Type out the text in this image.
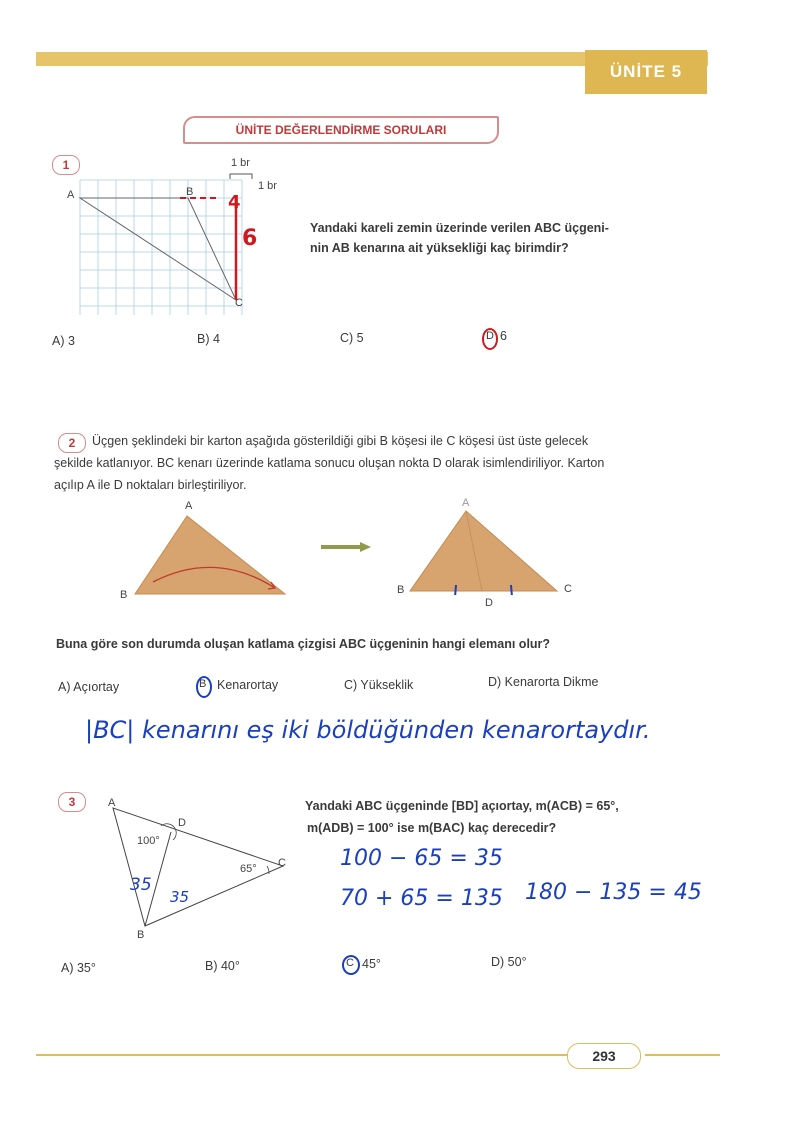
ÜNİTE 5
ÜNİTE DEĞERLENDİRME SORULARI
1	1 br
1 br
A	B
C
4
6	Yandaki kareli zemin üzerinde verilen ABC üçgeni-
nin AB kenarına ait yüksekliği kaç birimdir?
A) 3	B) 4	C) 5	D 6
2	Üçgen şeklindeki bir karton aşağıda gösterildiği gibi B köşesi ile C köşesi üst üste gelecek
şekilde katlanıyor. BC kenarı üzerinde katlama sonucu oluşan nokta D olarak isimlendiriliyor. Karton
açılıp A ile D noktaları birleştiriliyor.
A
B
A
B	C
D
Buna göre son durumda oluşan katlama çizgisi ABC üçgeninin hangi elemanı olur?
A) Açıortay	B Kenarortay	C) Yükseklik	D) Kenarorta Dikme
|BC| kenarını eş iki böldüğünden kenarortaydır.
3	A
D
C
B
100°
65°
35
35
Yandaki ABC üçgeninde [BD] açıortay, m(ACB) = 65°,
m(ADB) = 100° ise m(BAC) kaç derecedir?
100 − 65 = 35
70 + 65 = 135 180 − 135 = 45
A) 35°	B) 40°	C 45°	D) 50°
293
